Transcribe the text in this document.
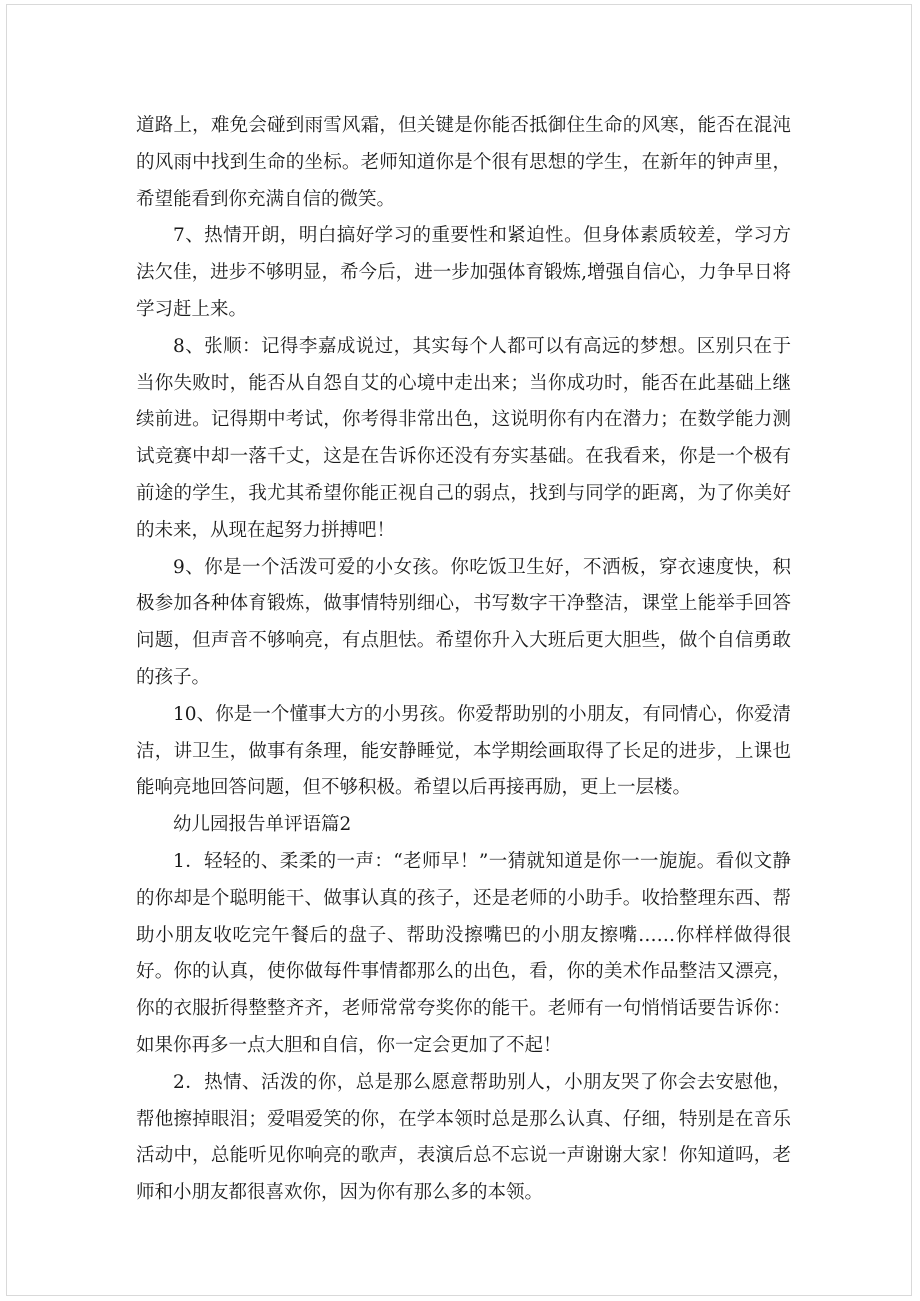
道路上，难免会碰到雨雪风霜，但关键是你能否抵御住生命的风寒，能否在混沌的风雨中找到生命的坐标。老师知道你是个很有思想的学生，在新年的钟声里，希望能看到你充满自信的微笑。

7、热情开朗，明白搞好学习的重要性和紧迫性。但身体素质较差，学习方法欠佳，进步不够明显，希今后，进一步加强体育锻炼,增强自信心，力争早日将学习赶上来。

8、张顺：记得李嘉成说过，其实每个人都可以有高远的梦想。区别只在于当你失败时，能否从自怨自艾的心境中走出来；当你成功时，能否在此基础上继续前进。记得期中考试，你考得非常出色，这说明你有内在潜力；在数学能力测试竞赛中却一落千丈，这是在告诉你还没有夯实基础。在我看来，你是一个极有前途的学生，我尤其希望你能正视自己的弱点，找到与同学的距离，为了你美好的未来，从现在起努力拼搏吧！

9、你是一个活泼可爱的小女孩。你吃饭卫生好，不洒板，穿衣速度快，积极参加各种体育锻炼，做事情特别细心，书写数字干净整洁，课堂上能举手回答问题，但声音不够响亮，有点胆怯。希望你升入大班后更大胆些，做个自信勇敢的孩子。

10、你是一个懂事大方的小男孩。你爱帮助别的小朋友，有同情心，你爱清洁，讲卫生，做事有条理，能安静睡觉，本学期绘画取得了长足的进步，上课也能响亮地回答问题，但不够积极。希望以后再接再励，更上一层楼。

幼儿园报告单评语篇2

1．轻轻的、柔柔的一声：“老师早！”一猜就知道是你一一旎旎。看似文静的你却是个聪明能干、做事认真的孩子，还是老师的小助手。收拾整理东西、帮助小朋友收吃完午餐后的盘子、帮助没擦嘴巴的小朋友擦嘴……你样样做得很好。你的认真，使你做每件事情都那么的出色，看，你的美术作品整洁又漂亮，你的衣服折得整整齐齐，老师常常夸奖你的能干。老师有一句悄悄话要告诉你：如果你再多一点大胆和自信，你一定会更加了不起！

2．热情、活泼的你，总是那么愿意帮助别人，小朋友哭了你会去安慰他，帮他擦掉眼泪；爱唱爱笑的你，在学本领时总是那么认真、仔细，特别是在音乐活动中，总能听见你响亮的歌声，表演后总不忘说一声谢谢大家！你知道吗，老师和小朋友都很喜欢你，因为你有那么多的本领。
